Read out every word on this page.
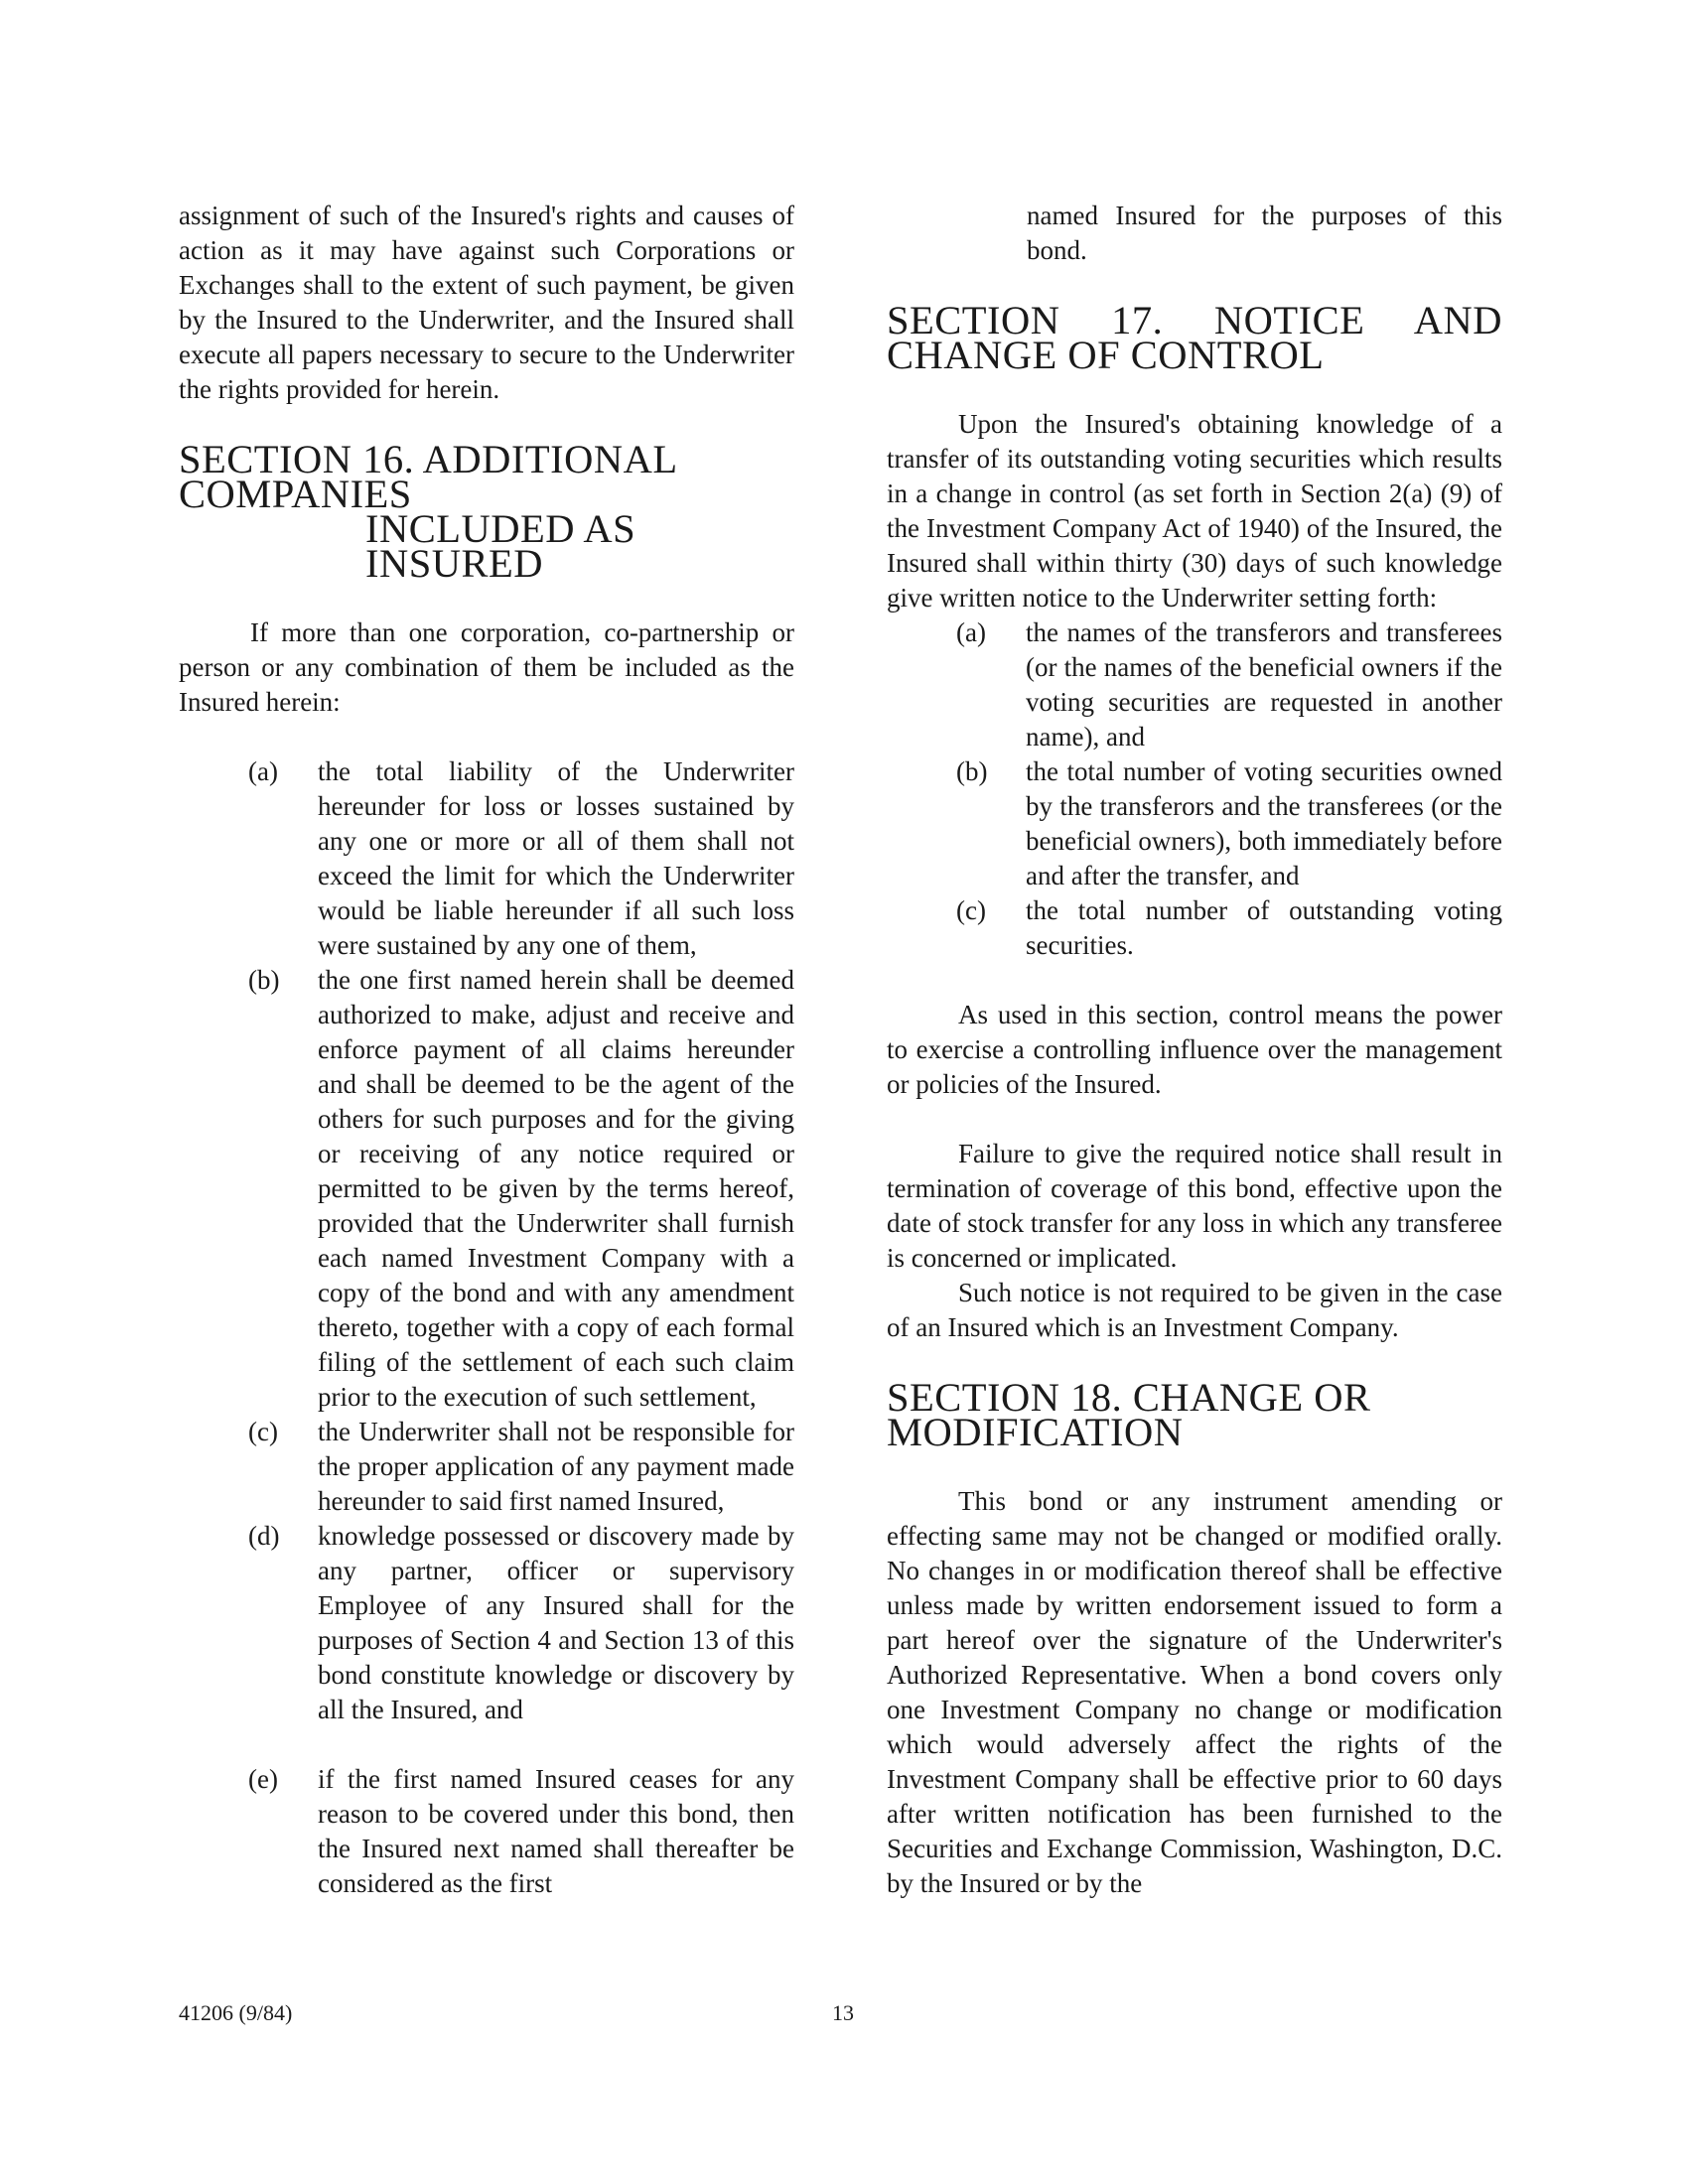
assignment of such of the Insured's rights and causes of action as it may have against such Corporations or Exchanges shall to the extent of such payment, be given by the Insured to the Underwriter, and the Insured shall execute all papers necessary to secure to the Underwriter the rights provided for herein.

SECTION 16. ADDITIONAL COMPANIES
INCLUDED AS INSURED

If more than one corporation, co-partnership or person or any combination of them be included as the Insured herein:

(a)	the total liability of the Underwriter hereunder for loss or losses sustained by any one or more or all of them shall not exceed the limit for which the Underwriter would be liable hereunder if all such loss were sustained by any one of them,
(b)	the one first named herein shall be deemed authorized to make, adjust and receive and enforce payment of all claims hereunder and shall be deemed to be the agent of the others for such purposes and for the giving or receiving of any notice required or permitted to be given by the terms hereof, provided that the Underwriter shall furnish each named Investment Company with a copy of the bond and with any amendment thereto, together with a copy of each formal filing of the settlement of each such claim prior to the execution of such settlement,
(c)	the Underwriter shall not be responsible for the proper application of any payment made hereunder to said first named Insured,
(d)	knowledge possessed or discovery made by any partner, officer or supervisory Employee of any Insured shall for the purposes of Section 4 and Section 13 of this bond constitute knowledge or discovery by all the Insured, and
(e)	if the first named Insured ceases for any reason to be covered under this bond, then the Insured next named shall thereafter be considered as the first

named Insured for the purposes of this bond.

SECTION 17. NOTICE AND CHANGE OF CONTROL

Upon the Insured's obtaining knowledge of a transfer of its outstanding voting securities which results in a change in control (as set forth in Section 2(a) (9) of the Investment Company Act of 1940) of the Insured, the Insured shall within thirty (30) days of such knowledge give written notice to the Underwriter setting forth:

(a)	the names of the transferors and transferees (or the names of the beneficial owners if the voting securities are requested in another name), and
(b)	the total number of voting securities owned by the transferors and the transferees (or the beneficial owners), both immediately before and after the transfer, and
(c)	the total number of outstanding voting securities.

As used in this section, control means the power to exercise a controlling influence over the management or policies of the Insured.

Failure to give the required notice shall result in termination of coverage of this bond, effective upon the date of stock transfer for any loss in which any transferee is concerned or implicated.

Such notice is not required to be given in the case of an Insured which is an Investment Company.

SECTION 18. CHANGE OR MODIFICATION

This bond or any instrument amending or effecting same may not be changed or modified orally. No changes in or modification thereof shall be effective unless made by written endorsement issued to form a part hereof over the signature of the Underwriter's Authorized Representative. When a bond covers only one Investment Company no change or modification which would adversely affect the rights of the Investment Company shall be effective prior to 60 days after written notification has been furnished to the Securities and Exchange Commission, Washington, D.C. by the Insured or by the

41206 (9/84)	13
